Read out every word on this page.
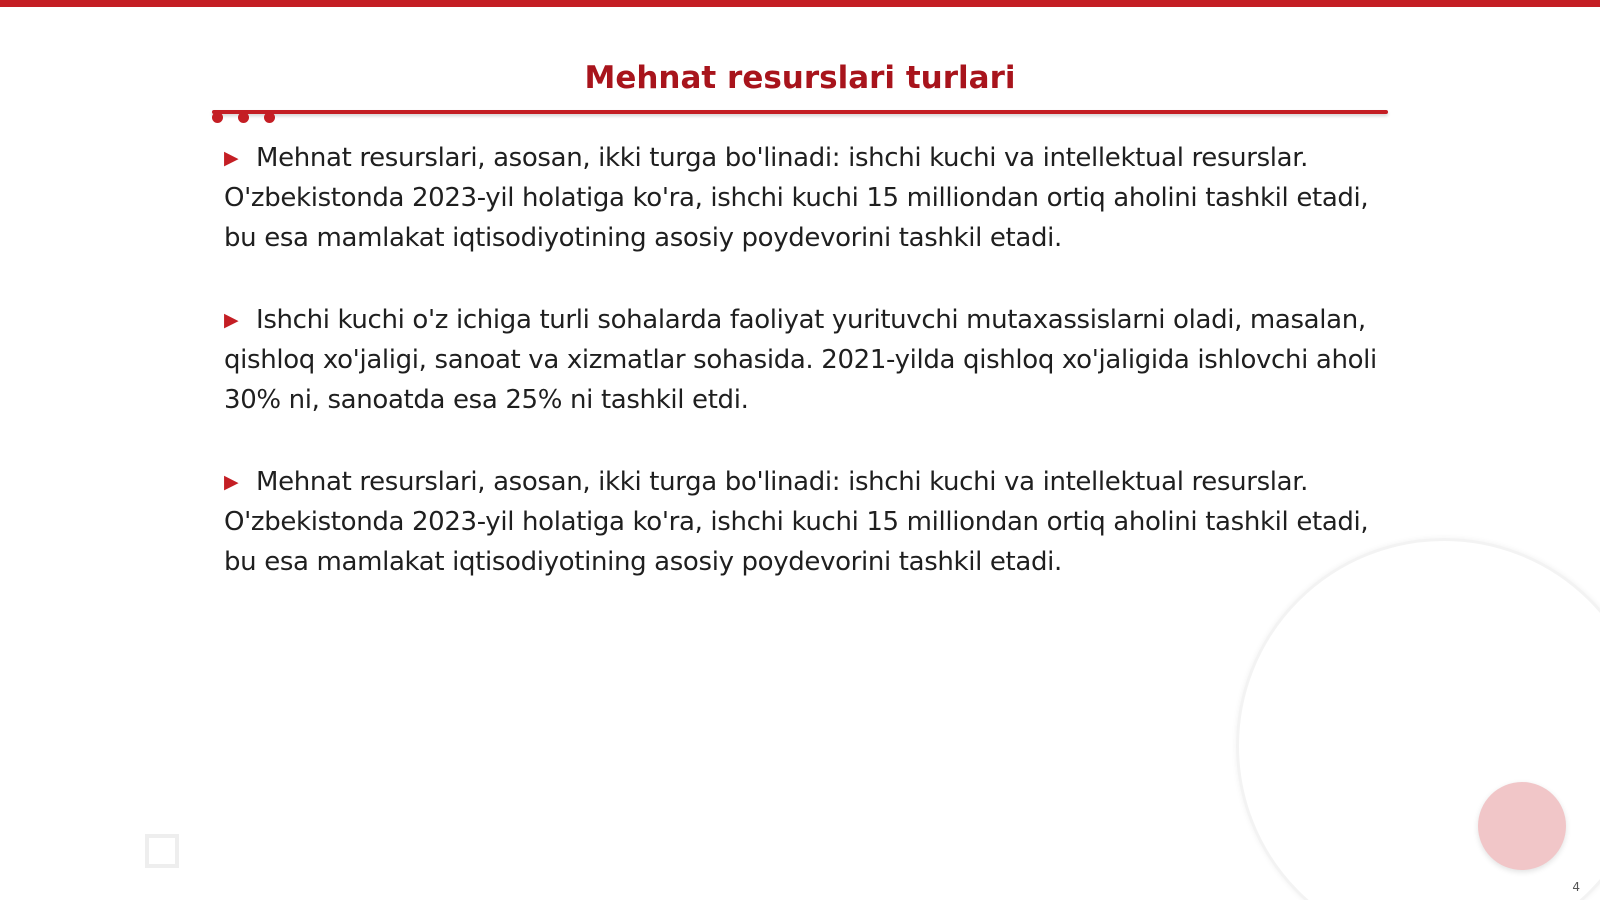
Mehnat resurslari turlari

▶ Mehnat resurslari, asosan, ikki turga bo'linadi: ishchi kuchi va intellektual resurslar. O'zbekistonda 2023-yil holatiga ko'ra, ishchi kuchi 15 milliondan ortiq aholini tashkil etadi, bu esa mamlakat iqtisodiyotining asosiy poydevorini tashkil etadi.

▶ Ishchi kuchi o'z ichiga turli sohalarda faoliyat yurituvchi mutaxassislarni oladi, masalan, qishloq xo'jaligi, sanoat va xizmatlar sohasida. 2021-yilda qishloq xo'jaligida ishlovchi aholi 30% ni, sanoatda esa 25% ni tashkil etdi.

▶ Mehnat resurslari, asosan, ikki turga bo'linadi: ishchi kuchi va intellektual resurslar. O'zbekistonda 2023-yil holatiga ko'ra, ishchi kuchi 15 milliondan ortiq aholini tashkil etadi, bu esa mamlakat iqtisodiyotining asosiy poydevorini tashkil etadi.

4
